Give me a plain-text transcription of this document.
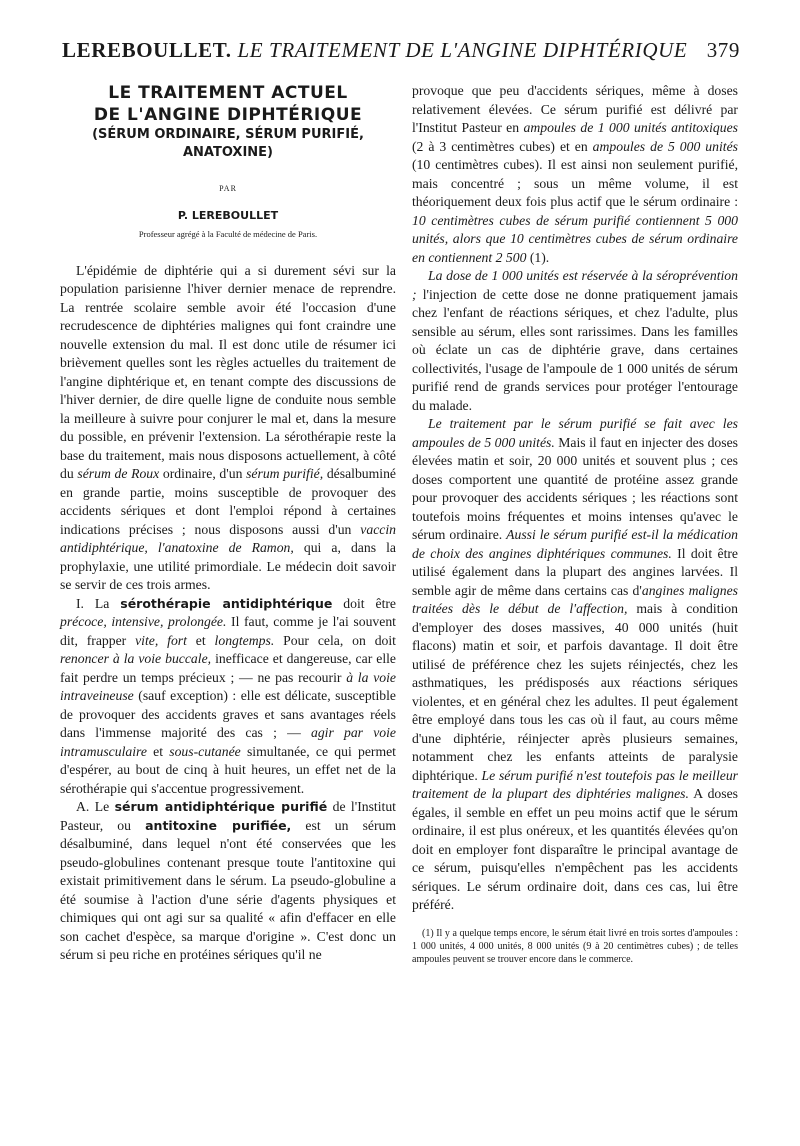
LEREBOULLET. LE TRAITEMENT DE L'ANGINE DIPHTÉRIQUE 379
LE TRAITEMENT ACTUEL
DE L'ANGINE DIPHTÉRIQUE
(SÉRUM ORDINAIRE, SÉRUM PURIFIÉ,
ANATOXINE)
PAR
P. LEREBOULLET
Professeur agrégé à la Faculté de médecine de Paris.

L'épidémie de diphtérie qui a si durement sévi sur la population parisienne l'hiver dernier menace de reprendre. La rentrée scolaire semble avoir été l'occasion d'une recrudescence de diphtéries malignes qui font craindre une nouvelle extension du mal. Il est donc utile de résumer ici brièvement quelles sont les règles actuelles du traitement de l'angine diphtérique et, en tenant compte des discussions de l'hiver dernier, de dire quelle ligne de conduite nous semble la meilleure à suivre pour conjurer le mal et, dans la mesure du possible, en prévenir l'extension. La sérothérapie reste la base du traitement, mais nous disposons actuellement, à côté du sérum de Roux ordinaire, d'un sérum purifié, désalbuminé en grande partie, moins susceptible de provoquer des accidents sériques et dont l'emploi répond à certaines indications précises ; nous disposons aussi d'un vaccin antidiphtérique, l'anatoxine de Ramon, qui a, dans la prophylaxie, une utilité primordiale. Le médecin doit savoir se servir de ces trois armes.

I. La sérothérapie antidiphtérique doit être précoce, intensive, prolongée. Il faut, comme je l'ai souvent dit, frapper vite, fort et longtemps. Pour cela, on doit renoncer à la voie buccale, inefficace et dangereuse, car elle fait perdre un temps précieux ; — ne pas recourir à la voie intraveineuse (sauf exception) : elle est délicate, susceptible de provoquer des accidents graves et sans avantages réels dans l'immense majorité des cas ; — agir par voie intramusculaire et sous-cutanée simultanée, ce qui permet d'espérer, au bout de cinq à huit heures, un effet net de la sérothérapie qui s'accentue progressivement.

A. Le sérum antidiphtérique purifié de l'Institut Pasteur, ou antitoxine purifiée, est un sérum désalbuminé, dans lequel n'ont été conservées que les pseudo-globulines contenant presque toute l'antitoxine qui existait primitivement dans le sérum. La pseudo-globuline a été soumise à l'action d'une série d'agents physiques et chimiques qui ont agi sur sa qualité « afin d'effacer en elle son cachet d'espèce, sa marque d'origine ». C'est donc un sérum si peu riche en protéines sériques qu'il ne

provoque que peu d'accidents sériques, même à doses relativement élevées. Ce sérum purifié est délivré par l'Institut Pasteur en ampoules de 1 000 unités antitoxiques (2 à 3 centimètres cubes) et en ampoules de 5 000 unités (10 centimètres cubes). Il est ainsi non seulement purifié, mais concentré ; sous un même volume, il est théoriquement deux fois plus actif que le sérum ordinaire : 10 centimètres cubes de sérum purifié contiennent 5 000 unités, alors que 10 centimètres cubes de sérum ordinaire en contiennent 2 500 (1).

La dose de 1 000 unités est réservée à la séroprévention ; l'injection de cette dose ne donne pratiquement jamais chez l'enfant de réactions sériques, et chez l'adulte, plus sensible au sérum, elles sont rarissimes. Dans les familles où éclate un cas de diphtérie grave, dans certaines collectivités, l'usage de l'ampoule de 1 000 unités de sérum purifié rend de grands services pour protéger l'entourage du malade.

Le traitement par le sérum purifié se fait avec les ampoules de 5 000 unités. Mais il faut en injecter des doses élevées matin et soir, 20 000 unités et souvent plus ; ces doses comportent une quantité de protéine assez grande pour provoquer des accidents sériques ; les réactions sont toutefois moins fréquentes et moins intenses qu'avec le sérum ordinaire. Aussi le sérum purifié est-il la médication de choix des angines diphtériques communes. Il doit être utilisé également dans la plupart des angines larvées. Il semble agir de même dans certains cas d'angines malignes traitées dès le début de l'affection, mais à condition d'employer des doses massives, 40 000 unités (huit flacons) matin et soir, et parfois davantage. Il doit être utilisé de préférence chez les sujets réinjectés, chez les asthmatiques, les prédisposés aux réactions sériques violentes, et en général chez les adultes. Il peut également être employé dans tous les cas où il faut, au cours même d'une diphtérie, réinjecter après plusieurs semaines, notamment chez les enfants atteints de paralysie diphtérique. Le sérum purifié n'est toutefois pas le meilleur traitement de la plupart des diphtéries malignes. A doses égales, il semble en effet un peu moins actif que le sérum ordinaire, il est plus onéreux, et les quantités élevées qu'on doit en employer font disparaître le principal avantage de ce sérum, puisqu'elles n'empêchent pas les accidents sériques. Le sérum ordinaire doit, dans ces cas, lui être préféré.

(1) Il y a quelque temps encore, le sérum était livré en trois sortes d'ampoules : 1 000 unités, 4 000 unités, 8 000 unités (9 à 20 centimètres cubes) ; de telles ampoules peuvent se trouver encore dans le commerce.
